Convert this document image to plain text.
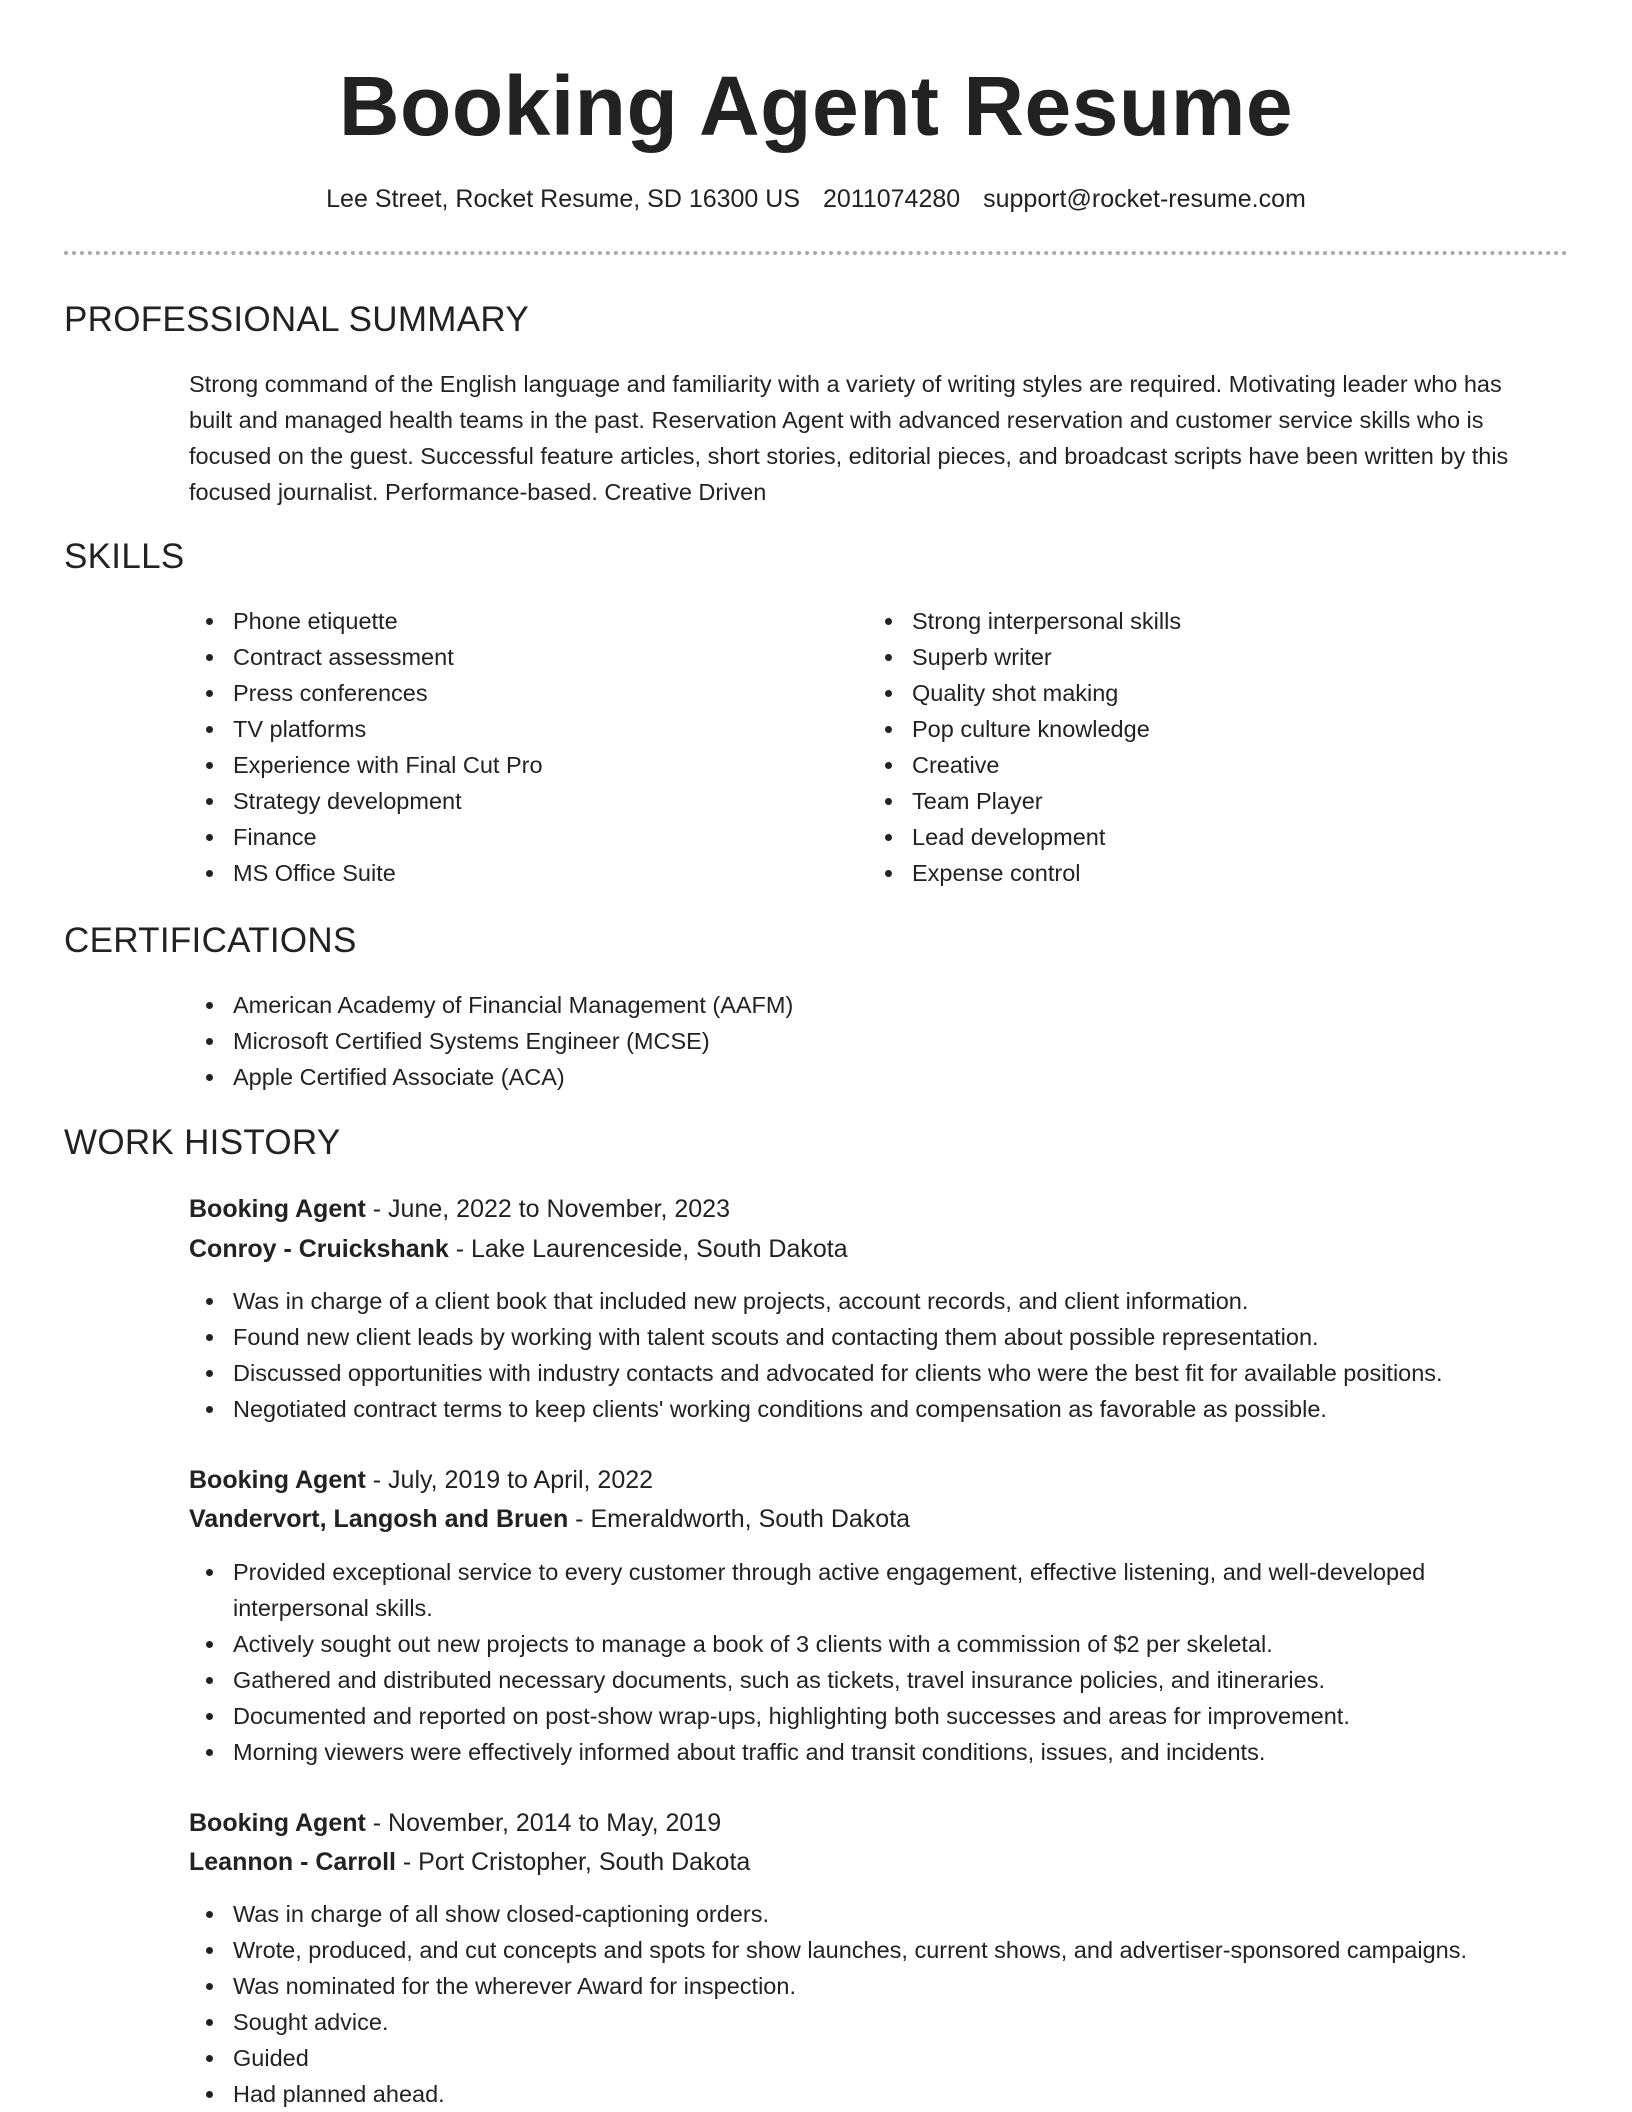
Booking Agent Resume
Lee Street, Rocket Resume, SD 16300 US 2011074280 support@rocket-resume.com
PROFESSIONAL SUMMARY

Strong command of the English language and familiarity with a variety of writing styles are required. Motivating leader who has built and managed health teams in the past. Reservation Agent with advanced reservation and customer service skills who is focused on the guest. Successful feature articles, short stories, editorial pieces, and broadcast scripts have been written by this focused journalist. Performance-based. Creative Driven

SKILLS
Phone etiquette
Contract assessment
Press conferences
TV platforms
Experience with Final Cut Pro
Strategy development
Finance
MS Office Suite
Strong interpersonal skills
Superb writer
Quality shot making
Pop culture knowledge
Creative
Team Player
Lead development
Expense control
CERTIFICATIONS
American Academy of Financial Management (AAFM)
Microsoft Certified Systems Engineer (MCSE)
Apple Certified Associate (ACA)
WORK HISTORY
Booking Agent - June, 2022 to November, 2023
Conroy - Cruickshank - Lake Laurenceside, South Dakota
Was in charge of a client book that included new projects, account records, and client information.
Found new client leads by working with talent scouts and contacting them about possible representation.
Discussed opportunities with industry contacts and advocated for clients who were the best fit for available positions.
Negotiated contract terms to keep clients' working conditions and compensation as favorable as possible.
Booking Agent - July, 2019 to April, 2022
Vandervort, Langosh and Bruen - Emeraldworth, South Dakota
Provided exceptional service to every customer through active engagement, effective listening, and well-developed interpersonal skills.
Actively sought out new projects to manage a book of 3 clients with a commission of $2 per skeletal.
Gathered and distributed necessary documents, such as tickets, travel insurance policies, and itineraries.
Documented and reported on post-show wrap-ups, highlighting both successes and areas for improvement.
Morning viewers were effectively informed about traffic and transit conditions, issues, and incidents.
Booking Agent - November, 2014 to May, 2019
Leannon - Carroll - Port Cristopher, South Dakota
Was in charge of all show closed-captioning orders.
Wrote, produced, and cut concepts and spots for show launches, current shows, and advertiser-sponsored campaigns.
Was nominated for the wherever Award for inspection.
Sought advice.
Guided
Had planned ahead.
